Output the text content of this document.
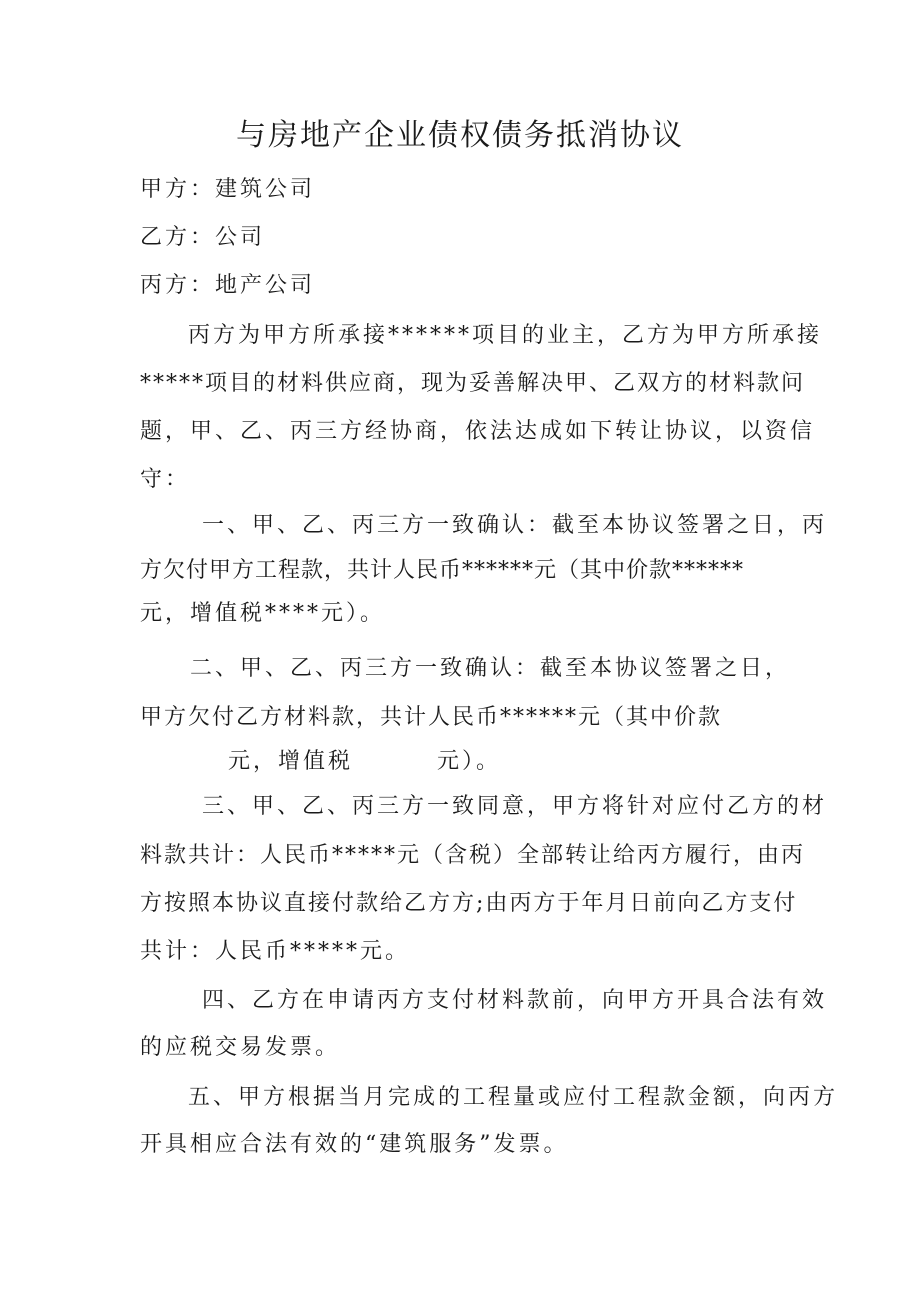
与房地产企业债权债务抵消协议
甲方：建筑公司
乙方：公司
丙方：地产公司
丙方为甲方所承接******项目的业主，乙方为甲方所承接
*****项目的材料供应商，现为妥善解决甲、乙双方的材料款问
题，甲、乙、丙三方经协商，依法达成如下转让协议，以资信
守：
一、甲、乙、丙三方一致确认：截至本协议签署之日，丙
方欠付甲方工程款，共计人民币******元（其中价款******
元，增值税****元）。
二、甲、乙、丙三方一致确认：截至本协议签署之日，
甲方欠付乙方材料款，共计人民币******元（其中价款
元，增值税	元）。
三、甲、乙、丙三方一致同意，甲方将针对应付乙方的材
料款共计：人民币*****元（含税）全部转让给丙方履行，由丙
方按照本协议直接付款给乙方方;由丙方于年月日前向乙方支付
共计：人民币*****元。
四、乙方在申请丙方支付材料款前，向甲方开具合法有效
的应税交易发票。
五、甲方根据当月完成的工程量或应付工程款金额，向丙方
开具相应合法有效的“建筑服务”发票。
